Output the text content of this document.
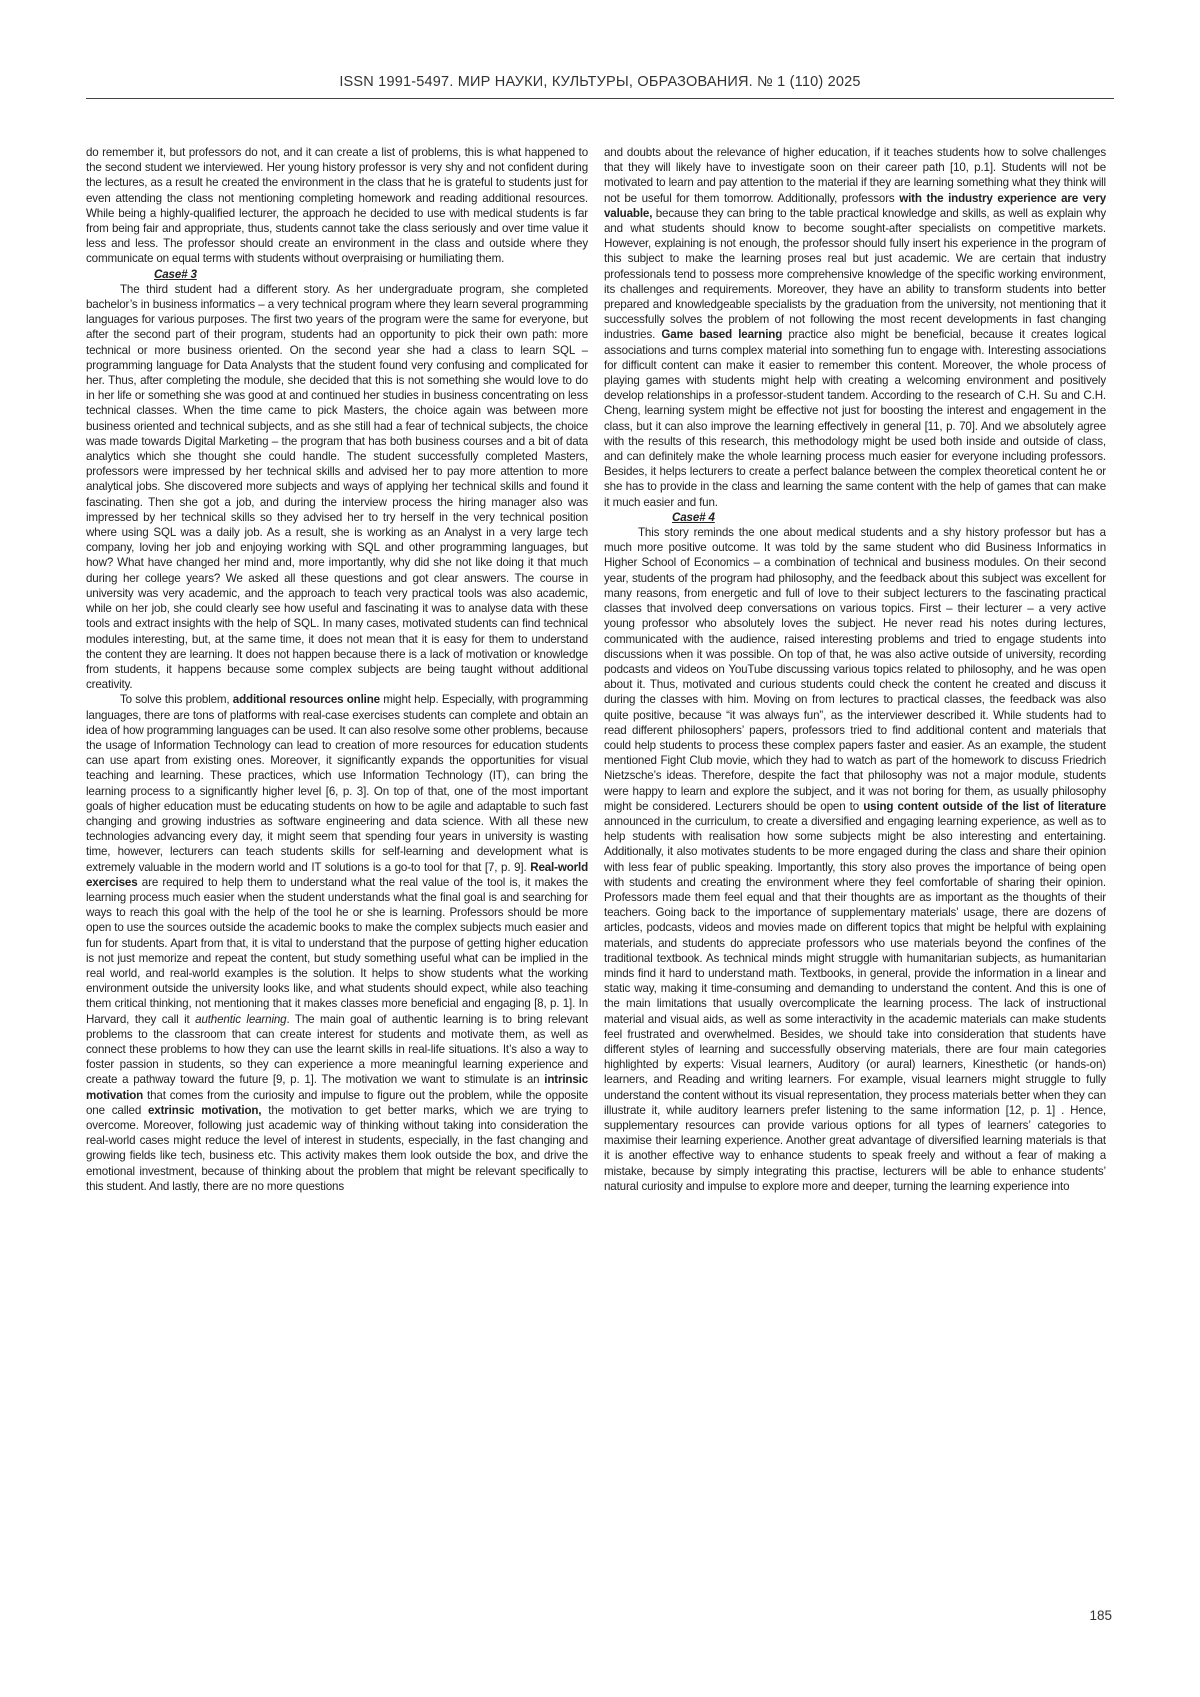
ISSN 1991-5497. МИР НАУКИ, КУЛЬТУРЫ, ОБРАЗОВАНИЯ. № 1 (110) 2025

do remember it, but professors do not, and it can create a list of problems, this is what happened to the second student we interviewed. Her young history professor is very shy and not confident during the lectures, as a result he created the environment in the class that he is grateful to students just for even attending the class not mentioning completing homework and reading additional resources. While being a highly-qualified lecturer, the approach he decided to use with medical students is far from being fair and appropriate, thus, students cannot take the class seriously and over time value it less and less. The professor should create an environment in the class and outside where they communicate on equal terms with students without overpraising or humiliating them.

Case# 3

The third student had a different story. As her undergraduate program, she completed bachelor’s in business informatics – a very technical program where they learn several programming languages for various purposes. The first two years of the program were the same for everyone, but after the second part of their program, students had an opportunity to pick their own path: more technical or more business oriented. On the second year she had a class to learn SQL – programming language for Data Analysts that the student found very confusing and complicated for her. Thus, after completing the module, she decided that this is not something she would love to do in her life or something she was good at and continued her studies in business concentrating on less technical classes. When the time came to pick Masters, the choice again was between more business oriented and technical subjects, and as she still had a fear of technical subjects, the choice was made towards Digital Marketing – the program that has both business courses and a bit of data analytics which she thought she could handle. The student successfully completed Masters, professors were impressed by her technical skills and advised her to pay more attention to more analytical jobs. She discovered more subjects and ways of applying her technical skills and found it fascinating. Then she got a job, and during the interview process the hiring manager also was impressed by her technical skills so they advised her to try herself in the very technical position where using SQL was a daily job. As a result, she is working as an Analyst in a very large tech company, loving her job and enjoying working with SQL and other programming languages, but how? What have changed her mind and, more importantly, why did she not like doing it that much during her college years? We asked all these questions and got clear answers. The course in university was very academic, and the approach to teach very practical tools was also academic, while on her job, she could clearly see how useful and fascinating it was to analyse data with these tools and extract insights with the help of SQL. In many cases, motivated students can find technical modules interesting, but, at the same time, it does not mean that it is easy for them to understand the content they are learning. It does not happen because there is a lack of motivation or knowledge from students, it happens because some complex subjects are being taught without additional creativity.

To solve this problem, additional resources online might help. Especially, with programming languages, there are tons of platforms with real-case exercises students can complete and obtain an idea of how programming languages can be used. It can also resolve some other problems, because the usage of Information Technology can lead to creation of more resources for education students can use apart from existing ones. Moreover, it significantly expands the opportunities for visual teaching and learning. These practices, which use Information Technology (IT), can bring the learning process to a significantly higher level [6, p. 3]. On top of that, one of the most important goals of higher education must be educating students on how to be agile and adaptable to such fast changing and growing industries as software engineering and data science. With all these new technologies advancing every day, it might seem that spending four years in university is wasting time, however, lecturers can teach students skills for self-learning and development what is extremely valuable in the modern world and IT solutions is a go-to tool for that [7, p. 9]. Real-world exercises are required to help them to understand what the real value of the tool is, it makes the learning process much easier when the student understands what the final goal is and searching for ways to reach this goal with the help of the tool he or she is learning. Professors should be more open to use the sources outside the academic books to make the complex subjects much easier and fun for students. Apart from that, it is vital to understand that the purpose of getting higher education is not just memorize and repeat the content, but study something useful what can be implied in the real world, and real-world examples is the solution. It helps to show students what the working environment outside the university looks like, and what students should expect, while also teaching them critical thinking, not mentioning that it makes classes more beneficial and engaging [8, p. 1]. In Harvard, they call it authentic learning. The main goal of authentic learning is to bring relevant problems to the classroom that can create interest for students and motivate them, as well as connect these problems to how they can use the learnt skills in real-life situations. It’s also a way to foster passion in students, so they can experience a more meaningful learning experience and create a pathway toward the future [9, p. 1]. The motivation we want to stimulate is an intrinsic motivation that comes from the curiosity and impulse to figure out the problem, while the opposite one called extrinsic motivation, the motivation to get better marks, which we are trying to overcome. Moreover, following just academic way of thinking without taking into consideration the real-world cases might reduce the level of interest in students, especially, in the fast changing and growing fields like tech, business etc. This activity makes them look outside the box, and drive the emotional investment, because of thinking about the problem that might be relevant specifically to this student. And lastly, there are no more questions

and doubts about the relevance of higher education, if it teaches students how to solve challenges that they will likely have to investigate soon on their career path [10, p.1]. Students will not be motivated to learn and pay attention to the material if they are learning something what they think will not be useful for them tomorrow. Additionally, professors with the industry experience are very valuable, because they can bring to the table practical knowledge and skills, as well as explain why and what students should know to become sought-after specialists on competitive markets. However, explaining is not enough, the professor should fully insert his experience in the program of this subject to make the learning proses real but just academic. We are certain that industry professionals tend to possess more comprehensive knowledge of the specific working environment, its challenges and requirements. Moreover, they have an ability to transform students into better prepared and knowledgeable specialists by the graduation from the university, not mentioning that it successfully solves the problem of not following the most recent developments in fast changing industries. Game based learning practice also might be beneficial, because it creates logical associations and turns complex material into something fun to engage with. Interesting associations for difficult content can make it easier to remember this content. Moreover, the whole process of playing games with students might help with creating a welcoming environment and positively develop relationships in a professor-student tandem. According to the research of C.H. Su and C.H. Cheng, learning system might be effective not just for boosting the interest and engagement in the class, but it can also improve the learning effectively in general [11, p. 70]. And we absolutely agree with the results of this research, this methodology might be used both inside and outside of class, and can definitely make the whole learning process much easier for everyone including professors. Besides, it helps lecturers to create a perfect balance between the complex theoretical content he or she has to provide in the class and learning the same content with the help of games that can make it much easier and fun.

Case# 4

This story reminds the one about medical students and a shy history professor but has a much more positive outcome. It was told by the same student who did Business Informatics in Higher School of Economics – a combination of technical and business modules. On their second year, students of the program had philosophy, and the feedback about this subject was excellent for many reasons, from energetic and full of love to their subject lecturers to the fascinating practical classes that involved deep conversations on various topics. First – their lecturer – a very active young professor who absolutely loves the subject. He never read his notes during lectures, communicated with the audience, raised interesting problems and tried to engage students into discussions when it was possible. On top of that, he was also active outside of university, recording podcasts and videos on YouTube discussing various topics related to philosophy, and he was open about it. Thus, motivated and curious students could check the content he created and discuss it during the classes with him. Moving on from lectures to practical classes, the feedback was also quite positive, because “it was always fun”, as the interviewer described it. While students had to read different philosophers’ papers, professors tried to find additional content and materials that could help students to process these complex papers faster and easier. As an example, the student mentioned Fight Club movie, which they had to watch as part of the homework to discuss Friedrich Nietzsche’s ideas. Therefore, despite the fact that philosophy was not a major module, students were happy to learn and explore the subject, and it was not boring for them, as usually philosophy might be considered. Lecturers should be open to using content outside of the list of literature announced in the curriculum, to create a diversified and engaging learning experience, as well as to help students with realisation how some subjects might be also interesting and entertaining. Additionally, it also motivates students to be more engaged during the class and share their opinion with less fear of public speaking. Importantly, this story also proves the importance of being open with students and creating the environment where they feel comfortable of sharing their opinion. Professors made them feel equal and that their thoughts are as important as the thoughts of their teachers. Going back to the importance of supplementary materials’ usage, there are dozens of articles, podcasts, videos and movies made on different topics that might be helpful with explaining materials, and students do appreciate professors who use materials beyond the confines of the traditional textbook. As technical minds might struggle with humanitarian subjects, as humanitarian minds find it hard to understand math. Textbooks, in general, provide the information in a linear and static way, making it time-consuming and demanding to understand the content. And this is one of the main limitations that usually overcomplicate the learning process. The lack of instructional material and visual aids, as well as some interactivity in the academic materials can make students feel frustrated and overwhelmed. Besides, we should take into consideration that students have different styles of learning and successfully observing materials, there are four main categories highlighted by experts: Visual learners, Auditory (or aural) learners, Kinesthetic (or hands-on) learners, and Reading and writing learners. For example, visual learners might struggle to fully understand the content without its visual representation, they process materials better when they can illustrate it, while auditory learners prefer listening to the same information [12, p. 1] . Hence, supplementary resources can provide various options for all types of learners’ categories to maximise their learning experience. Another great advantage of diversified learning materials is that it is another effective way to enhance students to speak freely and without a fear of making a mistake, because by simply integrating this practise, lecturers will be able to enhance students’ natural curiosity and impulse to explore more and deeper, turning the learning experience into

185
